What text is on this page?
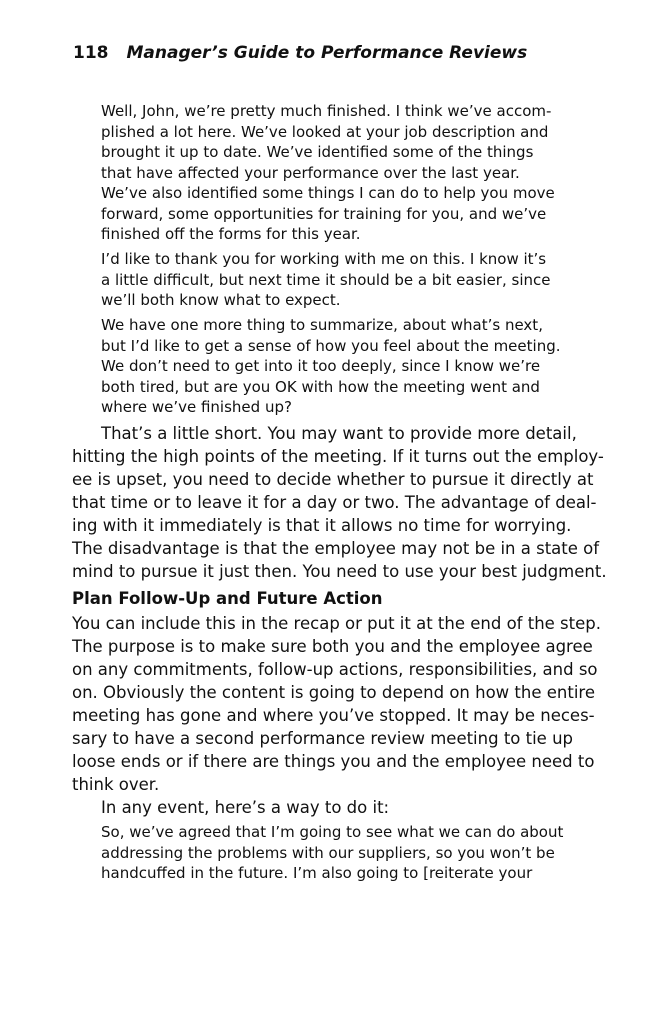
118 Manager’s Guide to Performance Reviews
Well, John, we’re pretty much finished. I think we’ve accom-
plished a lot here. We’ve looked at your job description and
brought it up to date. We’ve identified some of the things
that have affected your performance over the last year.
We’ve also identified some things I can do to help you move
forward, some opportunities for training for you, and we’ve
finished off the forms for this year.
I’d like to thank you for working with me on this. I know it’s
a little difficult, but next time it should be a bit easier, since
we’ll both know what to expect.
We have one more thing to summarize, about what’s next,
but I’d like to get a sense of how you feel about the meeting.
We don’t need to get into it too deeply, since I know we’re
both tired, but are you OK with how the meeting went and
where we’ve finished up?
That’s a little short. You may want to provide more detail,
hitting the high points of the meeting. If it turns out the employ-
ee is upset, you need to decide whether to pursue it directly at
that time or to leave it for a day or two. The advantage of deal-
ing with it immediately is that it allows no time for worrying.
The disadvantage is that the employee may not be in a state of
mind to pursue it just then. You need to use your best judgment.
Plan Follow-Up and Future Action
You can include this in the recap or put it at the end of the step.
The purpose is to make sure both you and the employee agree
on any commitments, follow-up actions, responsibilities, and so
on. Obviously the content is going to depend on how the entire
meeting has gone and where you’ve stopped. It may be neces-
sary to have a second performance review meeting to tie up
loose ends or if there are things you and the employee need to
think over.
In any event, here’s a way to do it:
So, we’ve agreed that I’m going to see what we can do about
addressing the problems with our suppliers, so you won’t be
handcuffed in the future. I’m also going to [reiterate your
